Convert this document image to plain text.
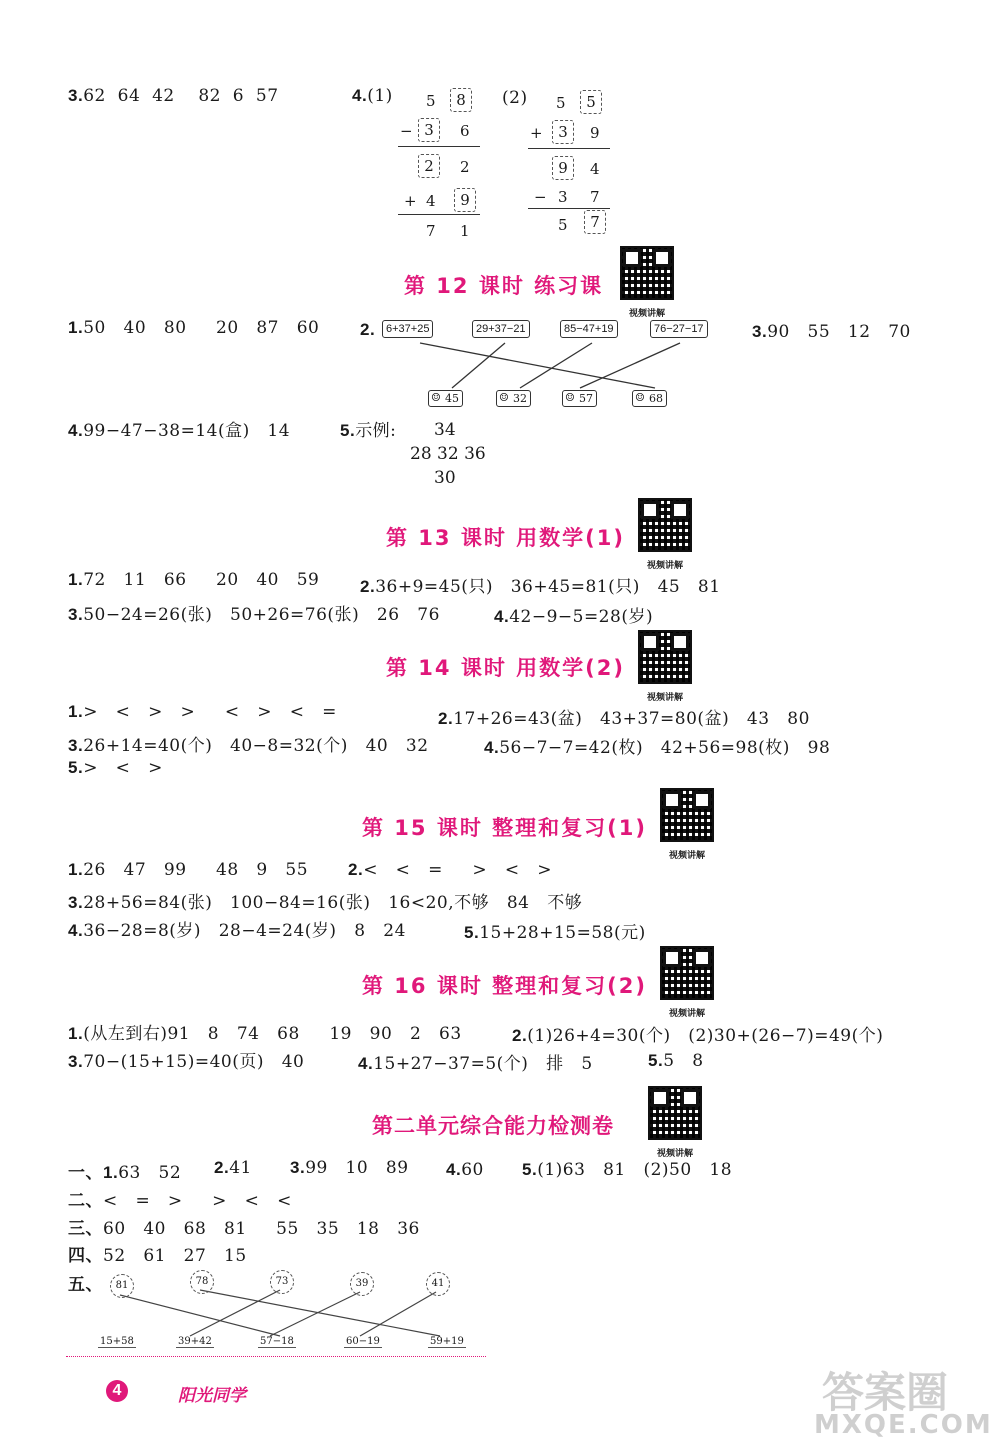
3.62  64  42    82  6  57	4.(1)	(2)
5	8
− 3	6
2	2
+ 4	9
7 1
5	5
+	3	9
9	4
− 3 7
5	7
第 12 课时 练习课
视频讲解
1.50   40   80     20   87   60 2. 6+37+25	29+37−21	85−47+19	76−27−17	3.90   55   12   70
☺ 45	☺ 32	☺ 57	☺ 68
4.99−47−38=14(盒)   14	5.示例: 34
28 32 36
30
第 13 课时 用数学(1)
视频讲解
1.72   11   66     20   40   59 2.36+9=45(只)   36+45=81(只)   45   81
3.50−24=26(张)   50+26=76(张)   26   76	4.42−9−5=28(岁)
第 14 课时 用数学(2)
视频讲解
1.>   <   >   >     <   >   <   =	2.17+26=43(盆)   43+37=80(盆)   43   80
3.26+14=40(个)   40−8=32(个)   40   32	4.56−7−7=42(枚)   42+56=98(枚)   98
5.>   <   >
第 15 课时 整理和复习(1)
视频讲解
1.26   47   99     48   9   55 2.<   <   =     >   <   >
3.28+56=84(张)   100−84=16(张)   16<20,不够   84   不够
4.36−28=8(岁)   28−4=24(岁)   8   24	5.15+28+15=58(元)
第 16 课时 整理和复习(2)
视频讲解
1.(从左到右)91   8   74   68     19   90   2   63	2.(1)26+4=30(个)   (2)30+(26−7)=49(个)
3.70−(15+15)=40(页)   40	4.15+27−37=5(个)   排   5	5.5   8
第二单元综合能力检测卷
视频讲解
一、1.63   52 2.41 3.99   10   89 4.60 5.(1)63   81   (2)50   18
二、<   =   >     >   <   <
三、60   40   68   81     55   35   18   36
四、52   61   27   15
五、	81	78	73	39	41
15+58	39+42	57−18	60−19	59+19
4	阳光同学	答案圈
MXQE.COM
